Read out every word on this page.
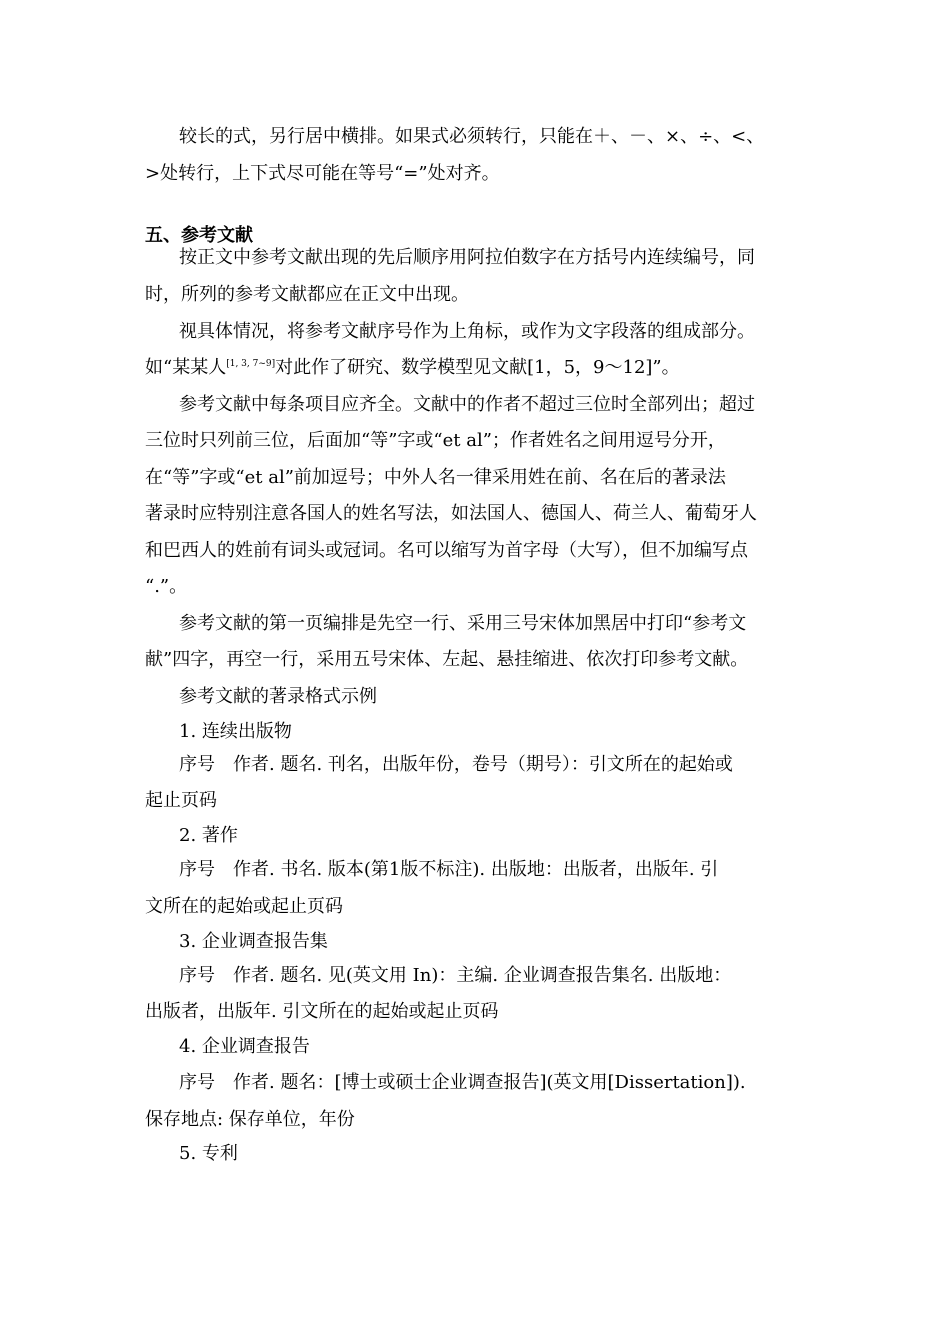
较长的式，另行居中横排。如果式必须转行，只能在＋、－、×、÷、<、
>处转行，上下式尽可能在等号“=”处对齐。
五、参考文献
按正文中参考文献出现的先后顺序用阿拉伯数字在方括号内连续编号，同
时，所列的参考文献都应在正文中出现。
视具体情况，将参考文献序号作为上角标，或作为文字段落的组成部分。
如“某某人[1, 3, 7~9]对此作了研究、数学模型见文献[1，5，9～12]”。
参考文献中每条项目应齐全。文献中的作者不超过三位时全部列出；超过
三位时只列前三位，后面加“等”字或“et al”；作者姓名之间用逗号分开，
在“等”字或“et al”前加逗号；中外人名一律采用姓在前、名在后的著录法
著录时应特别注意各国人的姓名写法，如法国人、德国人、荷兰人、葡萄牙人
和巴西人的姓前有词头或冠词。名可以缩写为首字母（大写），但不加编写点
“.”。
参考文献的第一页编排是先空一行、采用三号宋体加黑居中打印“参考文
献”四字，再空一行，采用五号宋体、左起、悬挂缩进、依次打印参考文献。
参考文献的著录格式示例
1. 连续出版物
序号　作者. 题名. 刊名，出版年份，卷号（期号）：引文所在的起始或
起止页码
2. 著作
序号　作者. 书名. 版本(第1版不标注). 出版地：出版者，出版年. 引
文所在的起始或起止页码
3. 企业调查报告集
序号　作者. 题名. 见(英文用 In)：主编. 企业调查报告集名. 出版地：
出版者，出版年. 引文所在的起始或起止页码
4. 企业调查报告
序号　作者. 题名：[博士或硕士企业调查报告](英文用[Dissertation]).
保存地点: 保存单位，年份
5. 专利
